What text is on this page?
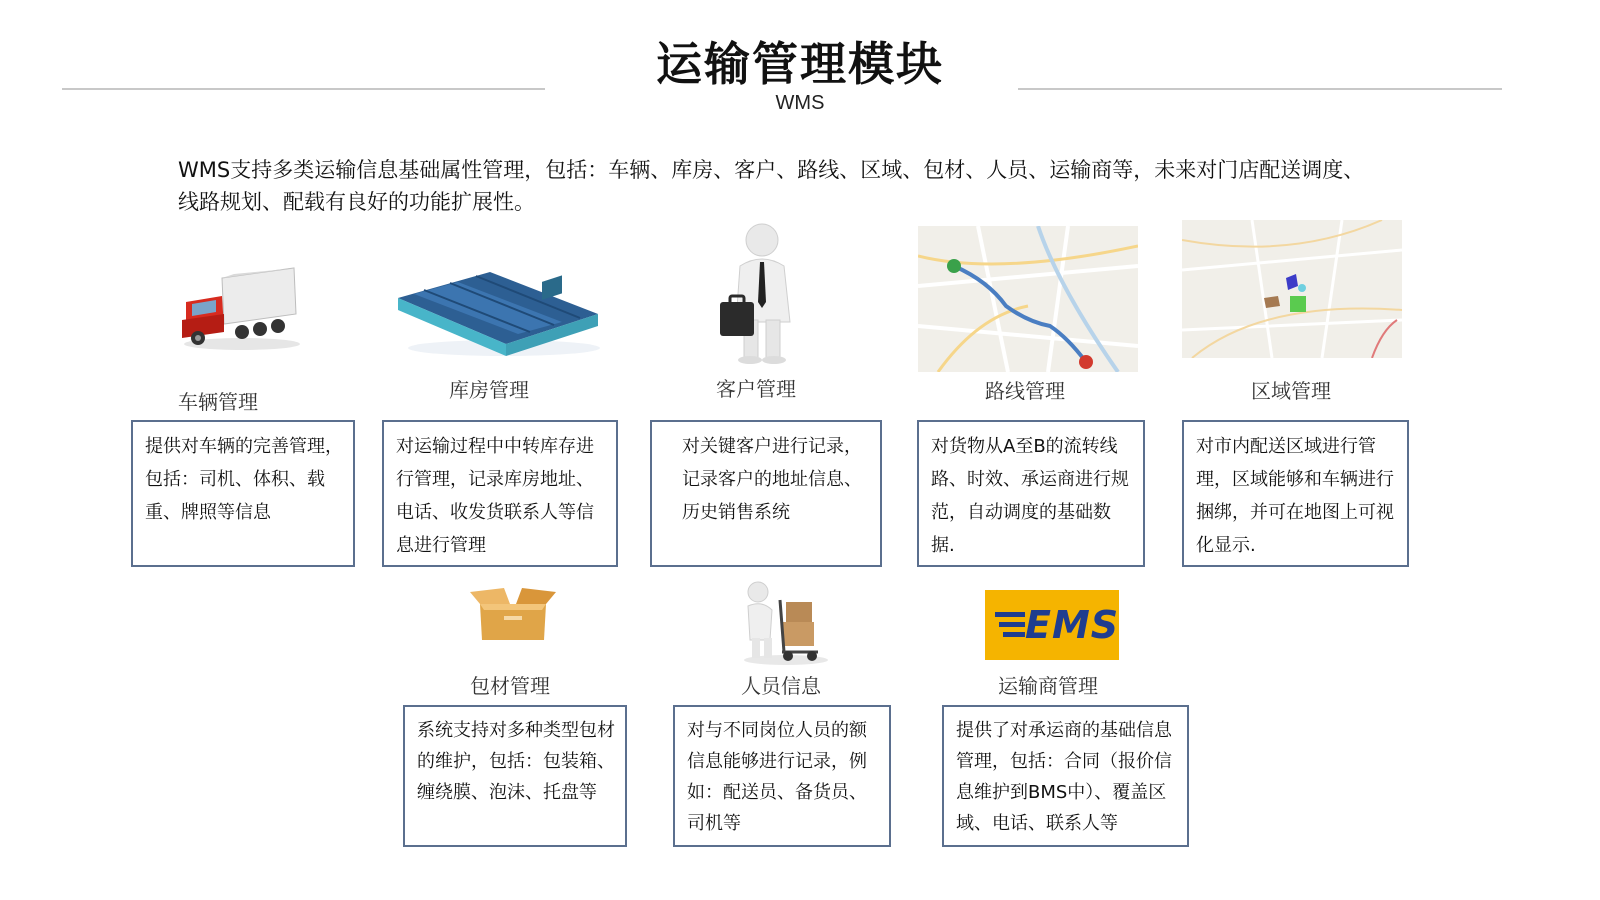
运输管理模块
WMS
WMS支持多类运输信息基础属性管理，包括：车辆、库房、客户、路线、区域、包材、人员、运输商等，未来对门店配送调度、线路规划、配载有良好的功能扩展性。
车辆管理	库房管理	客户管理	路线管理	区域管理
提供对车辆的完善管理，包括：司机、体积、载重、牌照等信息
对运输过程中中转库存进行管理，记录库房地址、电话、收发货联系人等信息进行管理
对关键客户进行记录，记录客户的地址信息、历史销售系统
对货物从A至B的流转线路、时效、承运商进行规范，自动调度的基础数据.
对市内配送区域进行管理，区域能够和车辆进行捆绑，并可在地图上可视化显示.
EMS
包材管理	人员信息	运输商管理
系统支持对多种类型包材的维护，包括：包装箱、缠绕膜、泡沫、托盘等
对与不同岗位人员的额信息能够进行记录，例如：配送员、备货员、司机等
提供了对承运商的基础信息管理，包括：合同（报价信息维护到BMS中）、覆盖区域、电话、联系人等
